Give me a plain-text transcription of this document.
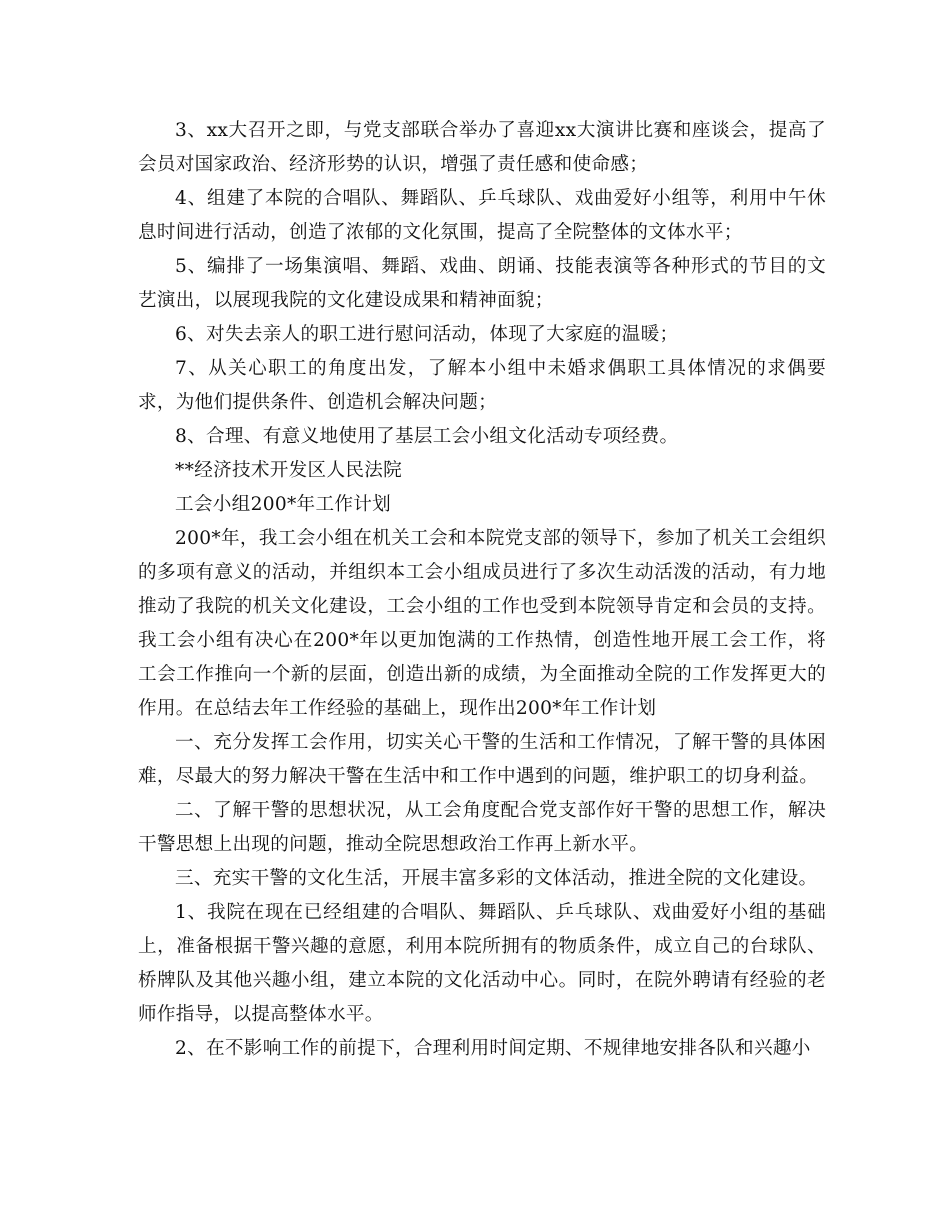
3、xx大召开之即，与党支部联合举办了喜迎xx大演讲比赛和座谈会，提高了会员对国家政治、经济形势的认识，增强了责任感和使命感；

4、组建了本院的合唱队、舞蹈队、乒乓球队、戏曲爱好小组等，利用中午休息时间进行活动，创造了浓郁的文化氛围，提高了全院整体的文体水平；

5、编排了一场集演唱、舞蹈、戏曲、朗诵、技能表演等各种形式的节目的文艺演出，以展现我院的文化建设成果和精神面貌；

6、对失去亲人的职工进行慰问活动，体现了大家庭的温暖；

7、从关心职工的角度出发，了解本小组中未婚求偶职工具体情况的求偶要求，为他们提供条件、创造机会解决问题；

8、合理、有意义地使用了基层工会小组文化活动专项经费。

**经济技术开发区人民法院

工会小组200*年工作计划

200*年，我工会小组在机关工会和本院党支部的领导下，参加了机关工会组织的多项有意义的活动，并组织本工会小组成员进行了多次生动活泼的活动，有力地推动了我院的机关文化建设，工会小组的工作也受到本院领导肯定和会员的支持。我工会小组有决心在200*年以更加饱满的工作热情，创造性地开展工会工作，将工会工作推向一个新的层面，创造出新的成绩，为全面推动全院的工作发挥更大的作用。在总结去年工作经验的基础上，现作出200*年工作计划

一、充分发挥工会作用，切实关心干警的生活和工作情况，了解干警的具体困难，尽最大的努力解决干警在生活中和工作中遇到的问题，维护职工的切身利益。

二、了解干警的思想状况，从工会角度配合党支部作好干警的思想工作，解决干警思想上出现的问题，推动全院思想政治工作再上新水平。

三、充实干警的文化生活，开展丰富多彩的文体活动，推进全院的文化建设。

1、我院在现在已经组建的合唱队、舞蹈队、乒乓球队、戏曲爱好小组的基础上，准备根据干警兴趣的意愿，利用本院所拥有的物质条件，成立自己的台球队、桥牌队及其他兴趣小组，建立本院的文化活动中心。同时，在院外聘请有经验的老师作指导，以提高整体水平。

2、在不影响工作的前提下，合理利用时间定期、不规律地安排各队和兴趣小
